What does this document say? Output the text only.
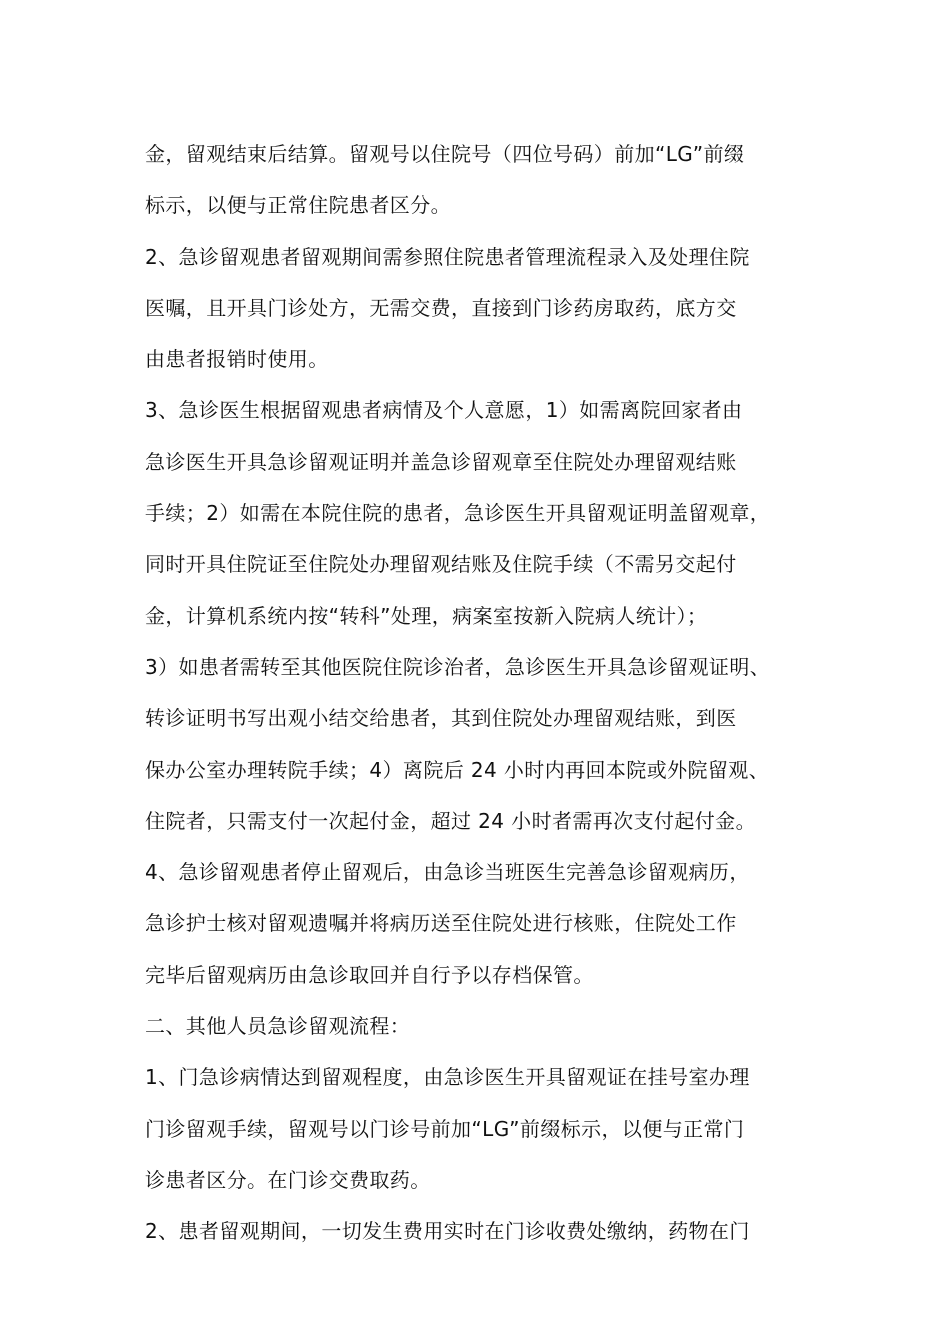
金，留观结束后结算。留观号以住院号（四位号码）前加“LG”前缀
标示，以便与正常住院患者区分。
2、急诊留观患者留观期间需参照住院患者管理流程录入及处理住院
医嘱，且开具门诊处方，无需交费，直接到门诊药房取药，底方交
由患者报销时使用。
3、急诊医生根据留观患者病情及个人意愿，1）如需离院回家者由
急诊医生开具急诊留观证明并盖急诊留观章至住院处办理留观结账
手续；2）如需在本院住院的患者，急诊医生开具留观证明盖留观章，
同时开具住院证至住院处办理留观结账及住院手续（不需另交起付
金，计算机系统内按“转科”处理，病案室按新入院病人统计）；
3）如患者需转至其他医院住院诊治者，急诊医生开具急诊留观证明、
转诊证明书写出观小结交给患者，其到住院处办理留观结账，到医
保办公室办理转院手续；4）离院后 24 小时内再回本院或外院留观、
住院者，只需支付一次起付金，超过 24 小时者需再次支付起付金。
4、急诊留观患者停止留观后，由急诊当班医生完善急诊留观病历，
急诊护士核对留观遗嘱并将病历送至住院处进行核账，住院处工作
完毕后留观病历由急诊取回并自行予以存档保管。
二、其他人员急诊留观流程：
1、门急诊病情达到留观程度，由急诊医生开具留观证在挂号室办理
门诊留观手续，留观号以门诊号前加“LG”前缀标示，以便与正常门
诊患者区分。在门诊交费取药。
2、患者留观期间，一切发生费用实时在门诊收费处缴纳，药物在门
